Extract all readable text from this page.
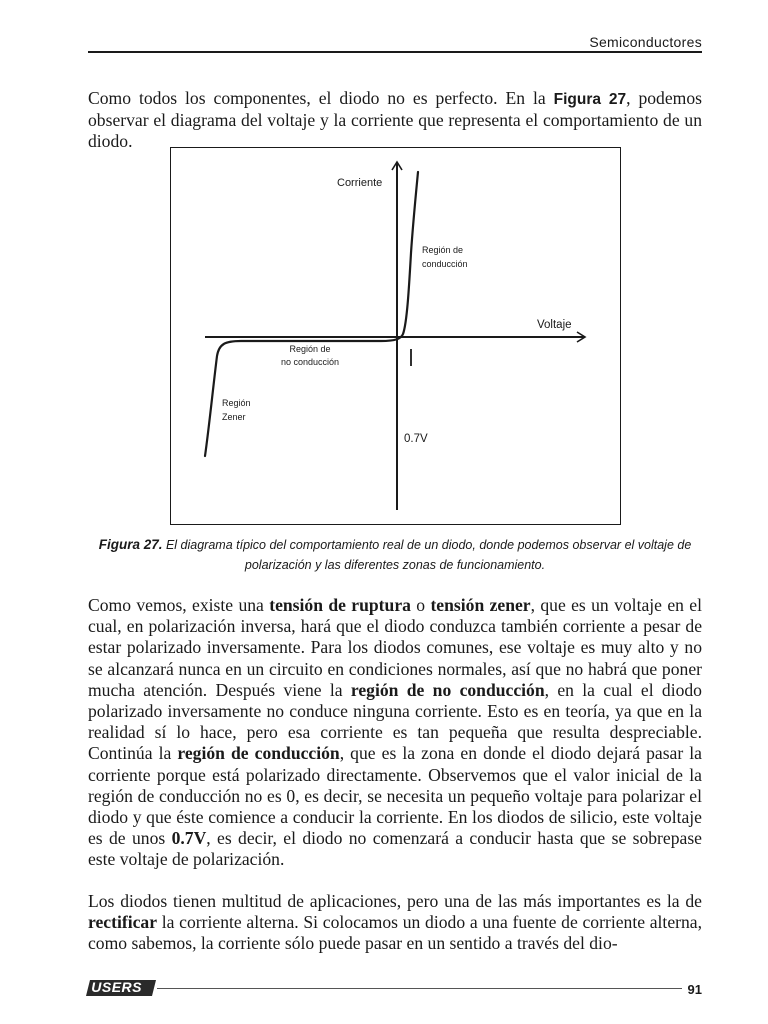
Semiconductores

Como todos los componentes, el diodo no es perfecto. En la Figura 27, podemos observar el diagrama del voltaje y la corriente que representa el comportamiento de un diodo.

Corriente
Voltaje
Región de
conducción
Región de
no conducción
Región
Zener
0.7V

Figura 27. El diagrama típico del comportamiento real de un diodo, donde podemos observar el voltaje de polarización y las diferentes zonas de funcionamiento.

Como vemos, existe una tensión de ruptura o tensión zener, que es un voltaje en el cual, en polarización inversa, hará que el diodo conduzca también corriente a pesar de estar polarizado inversamente. Para los diodos comunes, ese voltaje es muy alto y no se alcanzará nunca en un circuito en condiciones normales, así que no habrá que poner mucha atención. Después viene la región de no conducción, en la cual el diodo polarizado inversamente no conduce ninguna corriente. Esto es en teoría, ya que en la realidad sí lo hace, pero esa corriente es tan pequeña que resulta despreciable. Continúa la región de conducción, que es la zona en donde el diodo dejará pasar la corriente porque está polarizado directamente. Observemos que el valor inicial de la región de conducción no es 0, es decir, se necesita un pequeño voltaje para polarizar el diodo y que éste comience a conducir la corriente. En los diodos de silicio, este voltaje es de unos 0.7V, es decir, el diodo no comenzará a conducir hasta que se sobrepase este voltaje de polarización.

Los diodos tienen multitud de aplicaciones, pero una de las más importantes es la de rectificar la corriente alterna. Si colocamos un diodo a una fuente de corriente alterna, como sabemos, la corriente sólo puede pasar en un sentido a través del dio-

USERS	91
